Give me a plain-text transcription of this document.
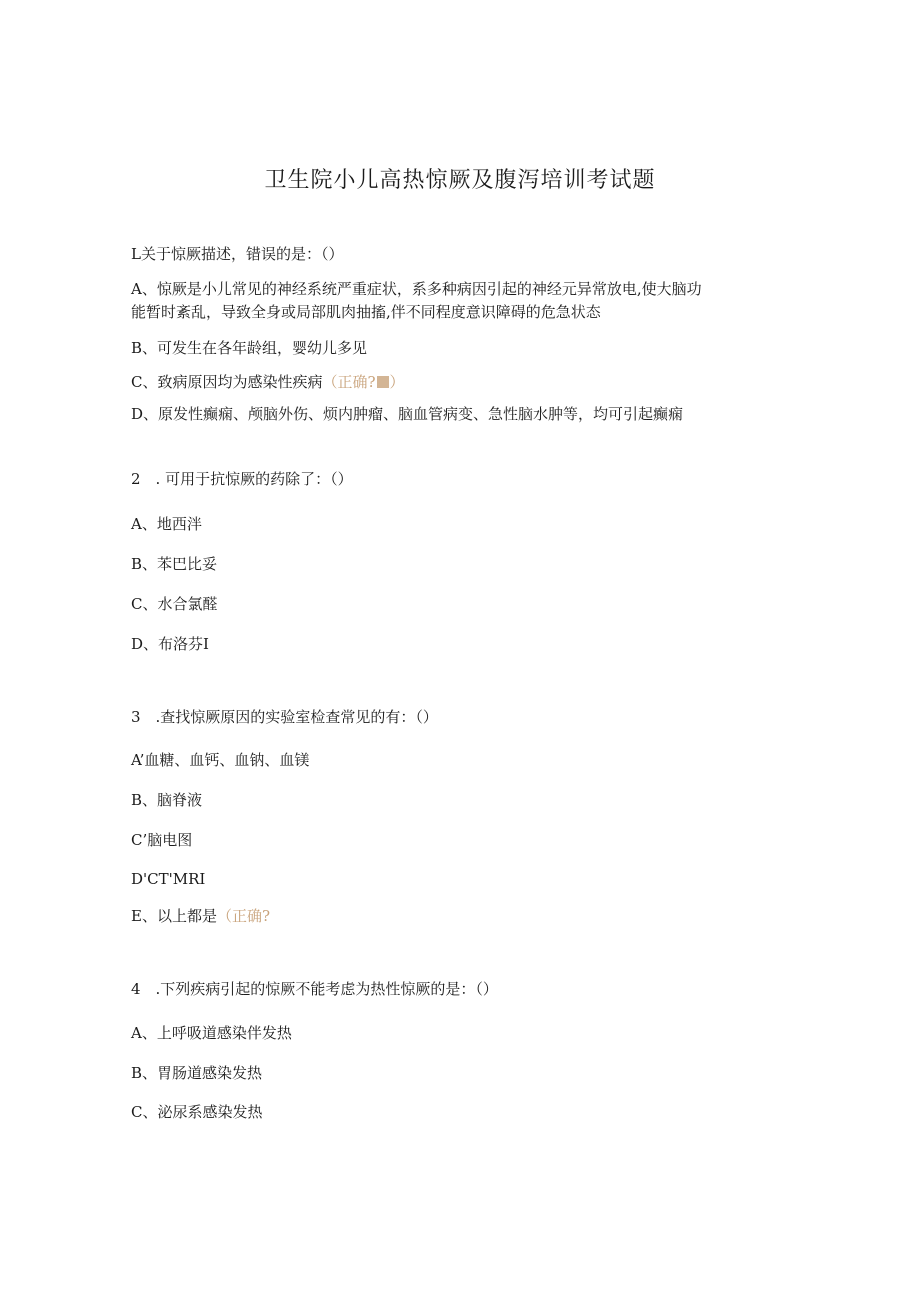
卫生院小儿高热惊厥及腹泻培训考试题
L关于惊厥描述，错误的是：（）
A、惊厥是小儿常见的神经系统严重症状，系多种病因引起的神经元异常放电,使大脑功
能暂时紊乱，导致全身或局部肌肉抽搐,伴不同程度意识障碍的危急状态
B、可发生在各年龄组，婴幼儿多见
C、致病原因均为感染性疾病（正确? ）
D、原发性癫痫、颅脑外伤、烦内肿瘤、脑血管病变、急性脑水肿等，均可引起癫痫
2　. 可用于抗惊厥的药除了：（）
A、地西泮
B、苯巴比妥
C、水合氯醛
D、布洛芬I
3　.查找惊厥原因的实验室检查常见的有：（）
A’血糖、血钙、血钠、血镁
B、脑脊液
C’脑电图
D'CT'MRI
E、以上都是（正确?
4　.下列疾病引起的惊厥不能考虑为热性惊厥的是：（）
A、上呼吸道感染伴发热
B、胃肠道感染发热
C、泌尿系感染发热
